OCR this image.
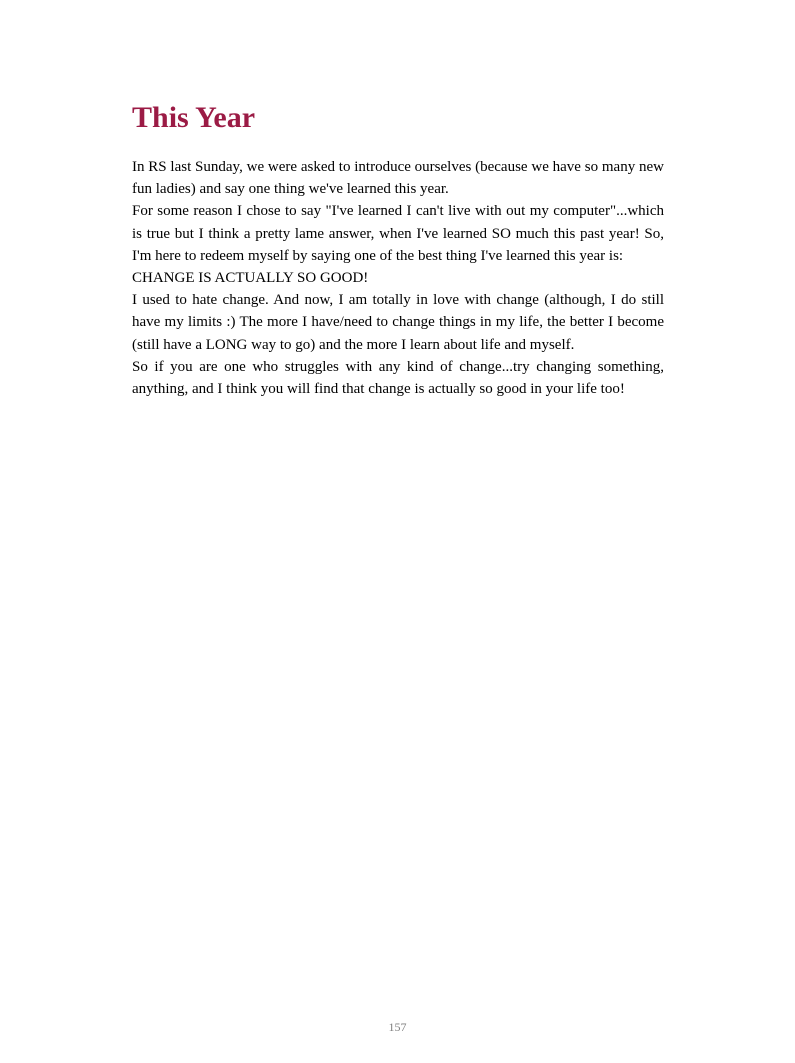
This Year

In RS last Sunday, we were asked to introduce ourselves (because we have so many new fun ladies) and say one thing we've learned this year.

For some reason I chose to say "I've learned I can't live with out my computer"...which is true but I think a pretty lame answer, when I've learned SO much this past year! So, I'm here to redeem myself by saying one of the best thing I've learned this year is:

CHANGE IS ACTUALLY SO GOOD!

I used to hate change. And now, I am totally in love with change (although, I do still have my limits :) The more I have/need to change things in my life, the better I become (still have a LONG way to go) and the more I learn about life and myself.

So if you are one who struggles with any kind of change...try changing something, anything, and I think you will find that change is actually so good in your life too!

157
